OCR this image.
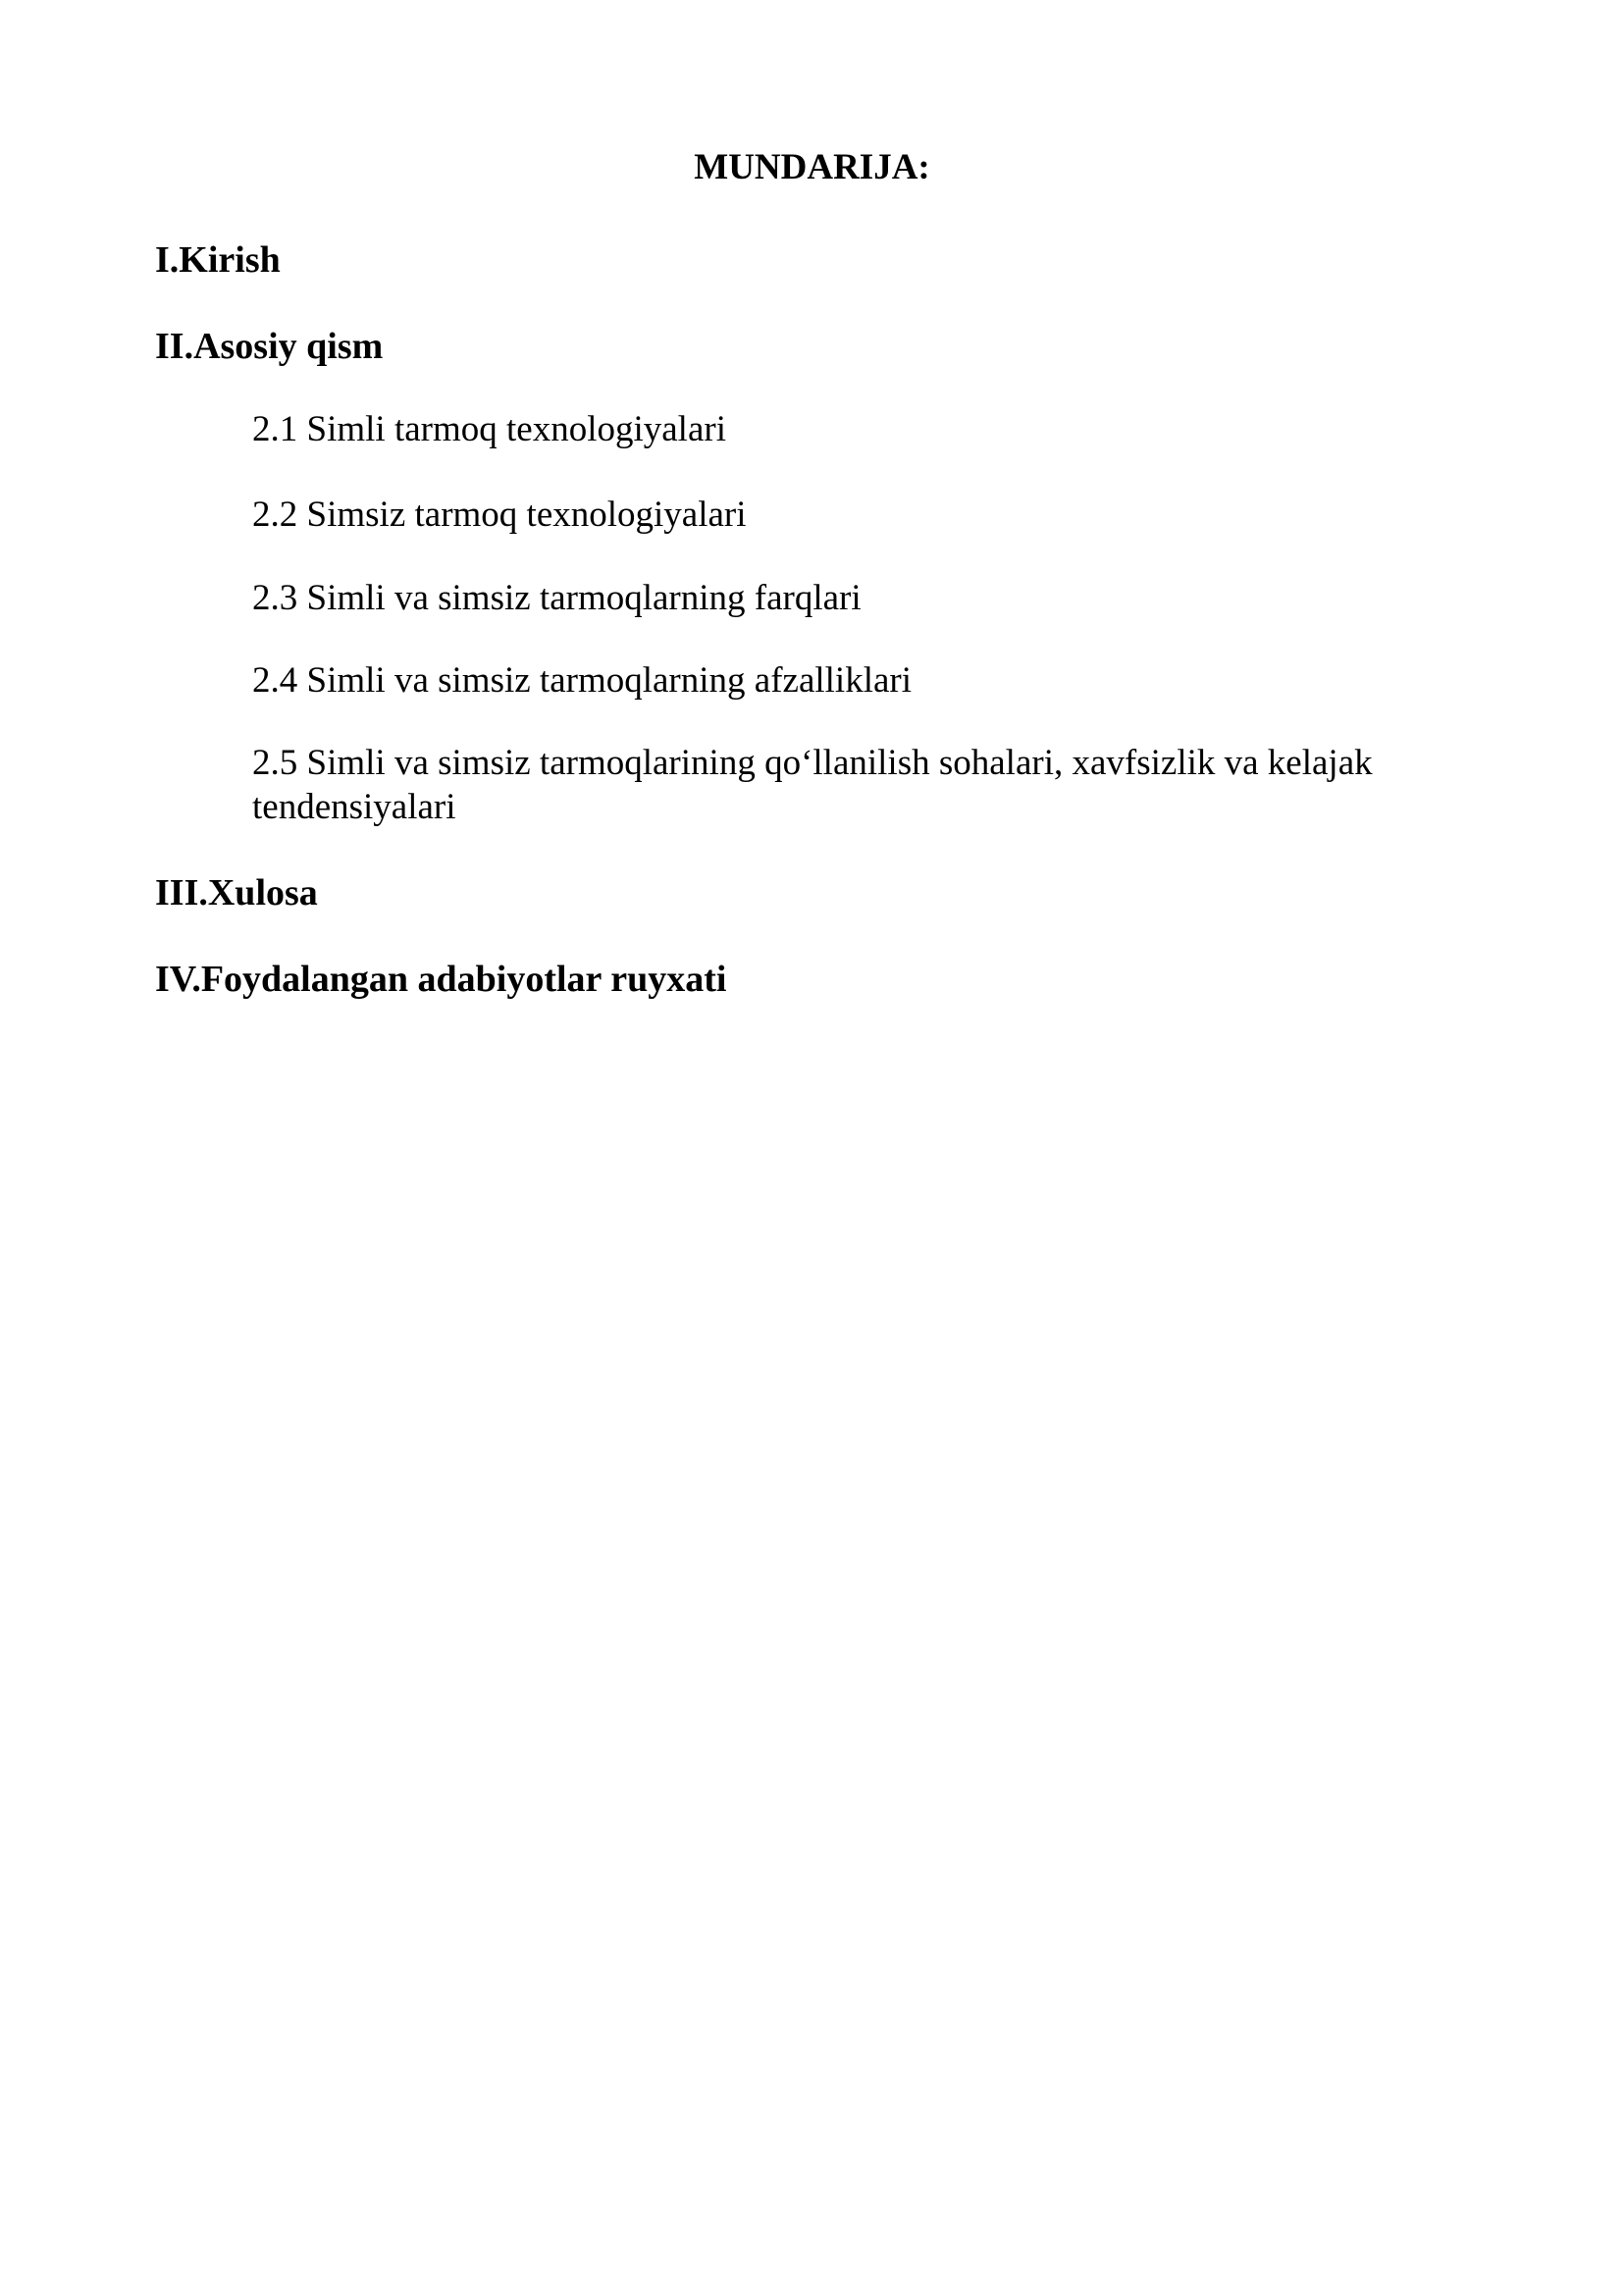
MUNDARIJA:

I.Kirish

II.Asosiy qism

2.1 Simli tarmoq texnologiyalari

2.2 Simsiz tarmoq texnologiyalari

2.3 Simli va simsiz tarmoqlarning farqlari

2.4 Simli va simsiz tarmoqlarning afzalliklari

2.5 Simli va simsiz tarmoqlarining qo‘llanilish sohalari, xavfsizlik va kelajak tendensiyalari

III.Xulosa

IV.Foydalangan adabiyotlar ruyxati
